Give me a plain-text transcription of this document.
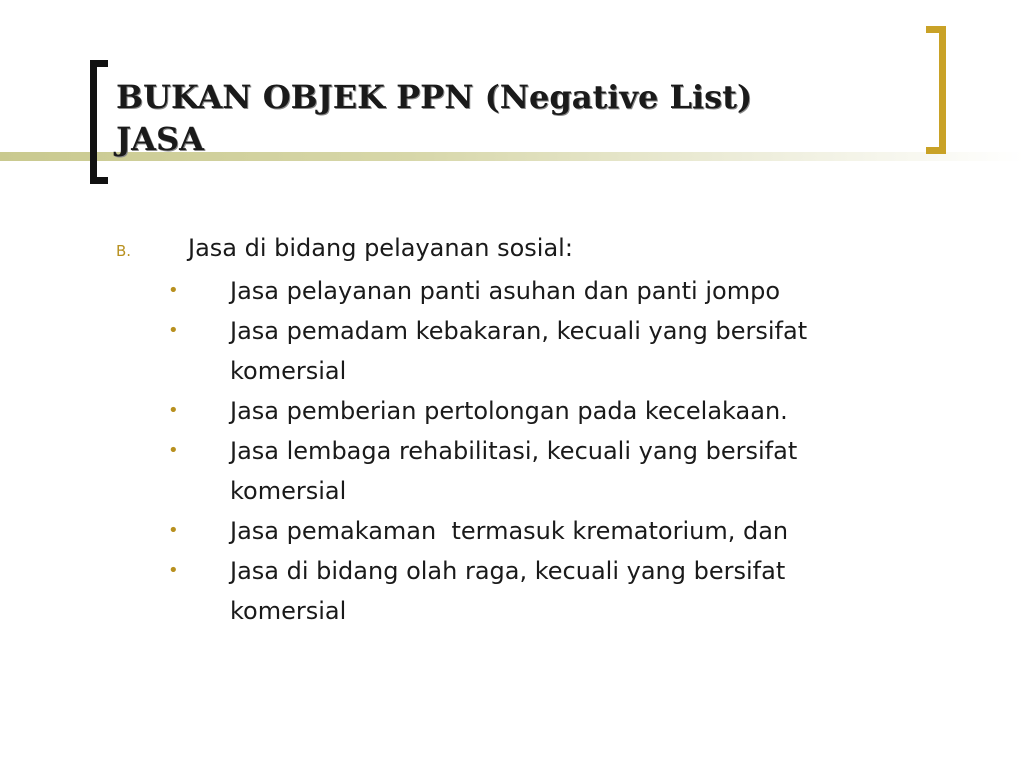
BUKAN OBJEK PPN (Negative List)
JASA
B.	Jasa di bidang pelayanan sosial:
•	Jasa pelayanan panti asuhan dan panti jompo
•	Jasa pemadam kebakaran, kecuali yang bersifat komersial
•	Jasa pemberian pertolongan pada kecelakaan.
•	Jasa lembaga rehabilitasi, kecuali yang bersifat komersial
•	Jasa pemakaman  termasuk krematorium, dan
•	Jasa di bidang olah raga, kecuali yang bersifat komersial
